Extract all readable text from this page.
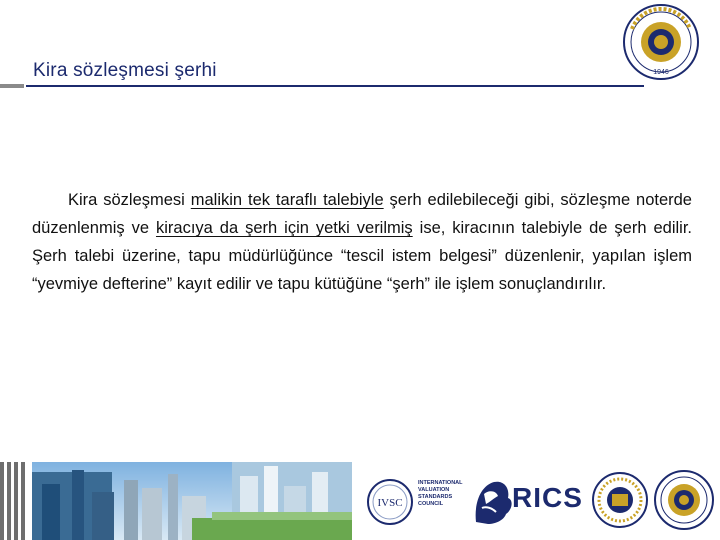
Kira sözleşmesi şerhi	1946
Kira sözleşmesi malikin tek taraflı talebiyle şerh edilebileceği gibi, sözleşme noterde düzenlenmiş ve kiracıya da şerh için yetki verilmiş ise, kiracının talebiyle de şerh edilir. Şerh talebi üzerine, tapu müdürlüğünce “tescil istem belgesi” düzenlenir, yapılan işlem “yevmiye defterine” kayıt edilir ve tapu kütüğüne “şerh” ile işlem sonuçlandırılır.
IVSC
INTERNATIONAL
VALUATION
STANDARDS
COUNCIL	RICS
